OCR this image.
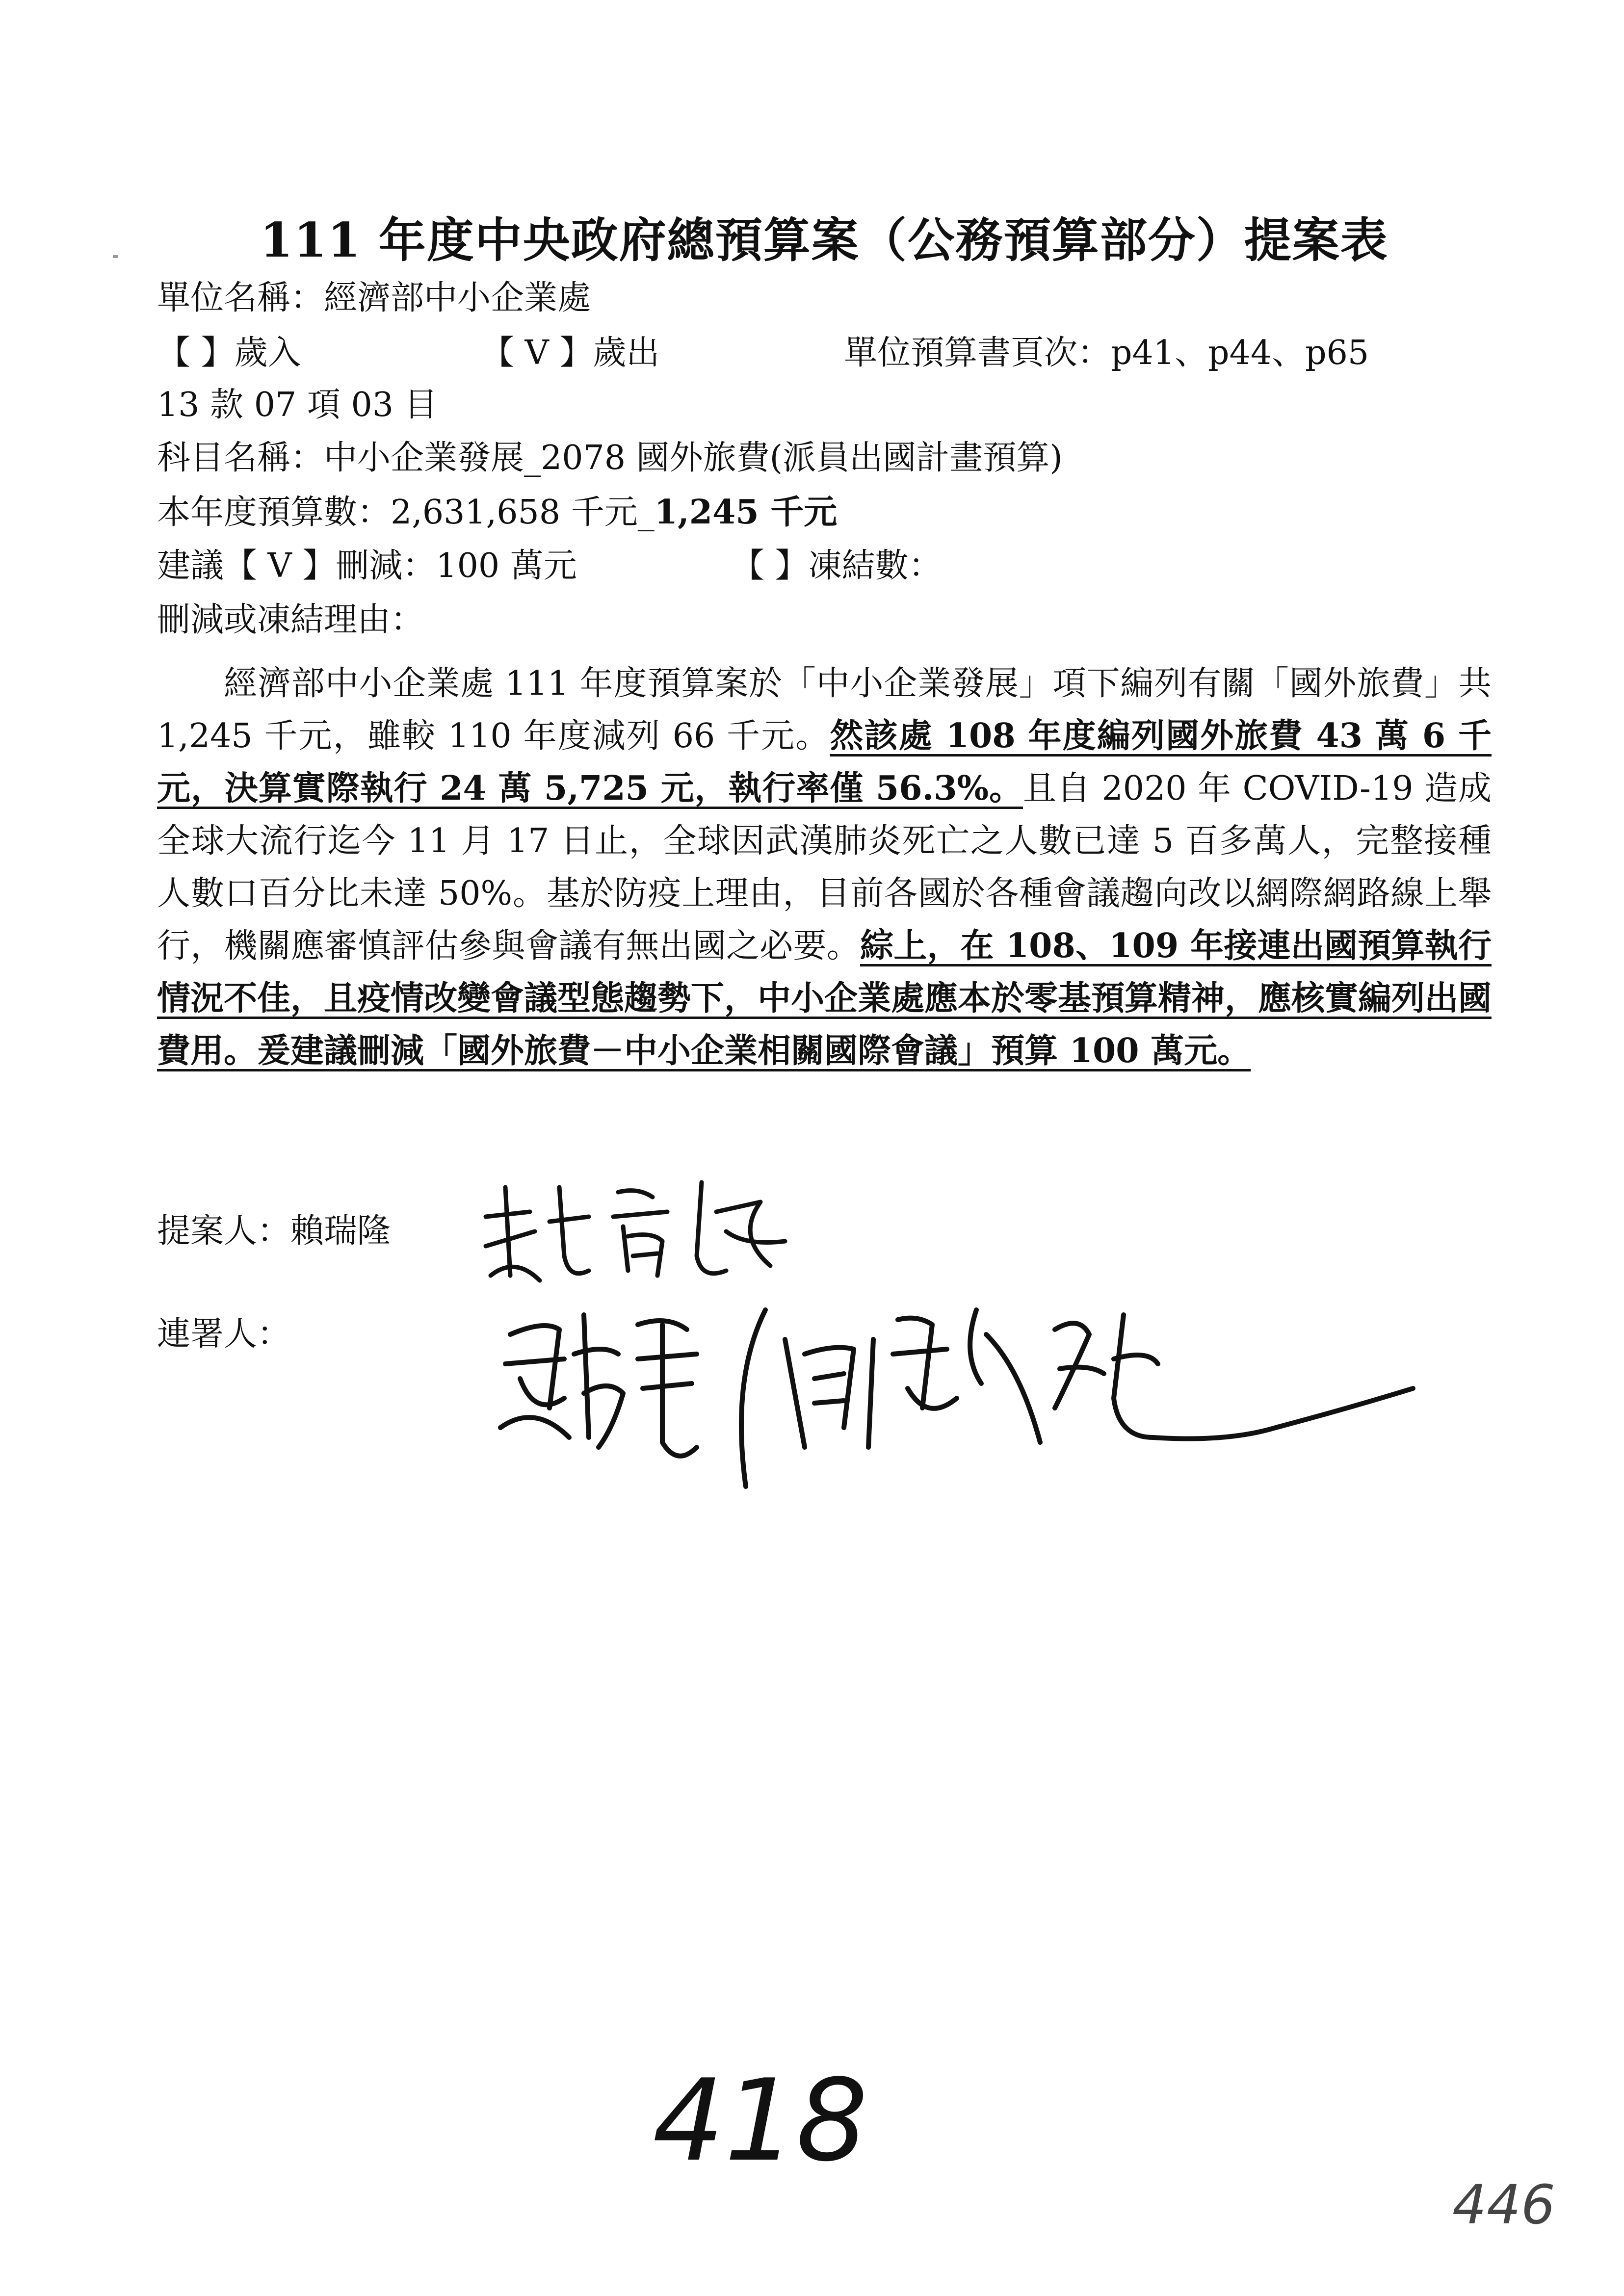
111 年度中央政府總預算案（公務預算部分）提案表
單位名稱：經濟部中小企業處
【 】歲入	【 V 】歲出	單位預算書頁次：p41、p44、p65
13 款 07 項 03 目
科目名稱：中小企業發展_2078 國外旅費(派員出國計畫預算)
本年度預算數：2,631,658 千元_1,245 千元
建議【 V 】刪減：100 萬元	【 】凍結數：
刪減或凍結理由：
經濟部中小企業處 111 年度預算案於「中小企業發展」項下編列有關「國外旅費」共 1,245 千元，雖較 110 年度減列 66 千元。然該處 108 年度編列國外旅費 43 萬 6 千元，決算實際執行 24 萬 5,725 元，執行率僅 56.3%。且自 2020 年 COVID-19 造成全球大流行迄今 11 月 17 日止，全球因武漢肺炎死亡之人數已達 5 百多萬人，完整接種人數口百分比未達 50%。基於防疫上理由，目前各國於各種會議趨向改以網際網路線上舉行，機關應審慎評估參與會議有無出國之必要。綜上，在 108、109 年接連出國預算執行情況不佳，且疫情改變會議型態趨勢下，中小企業處應本於零基預算精神，應核實編列出國費用。爰建議刪減「國外旅費－中小企業相關國際會議」預算 100 萬元。
提案人：賴瑞隆
連署人：
418
446
